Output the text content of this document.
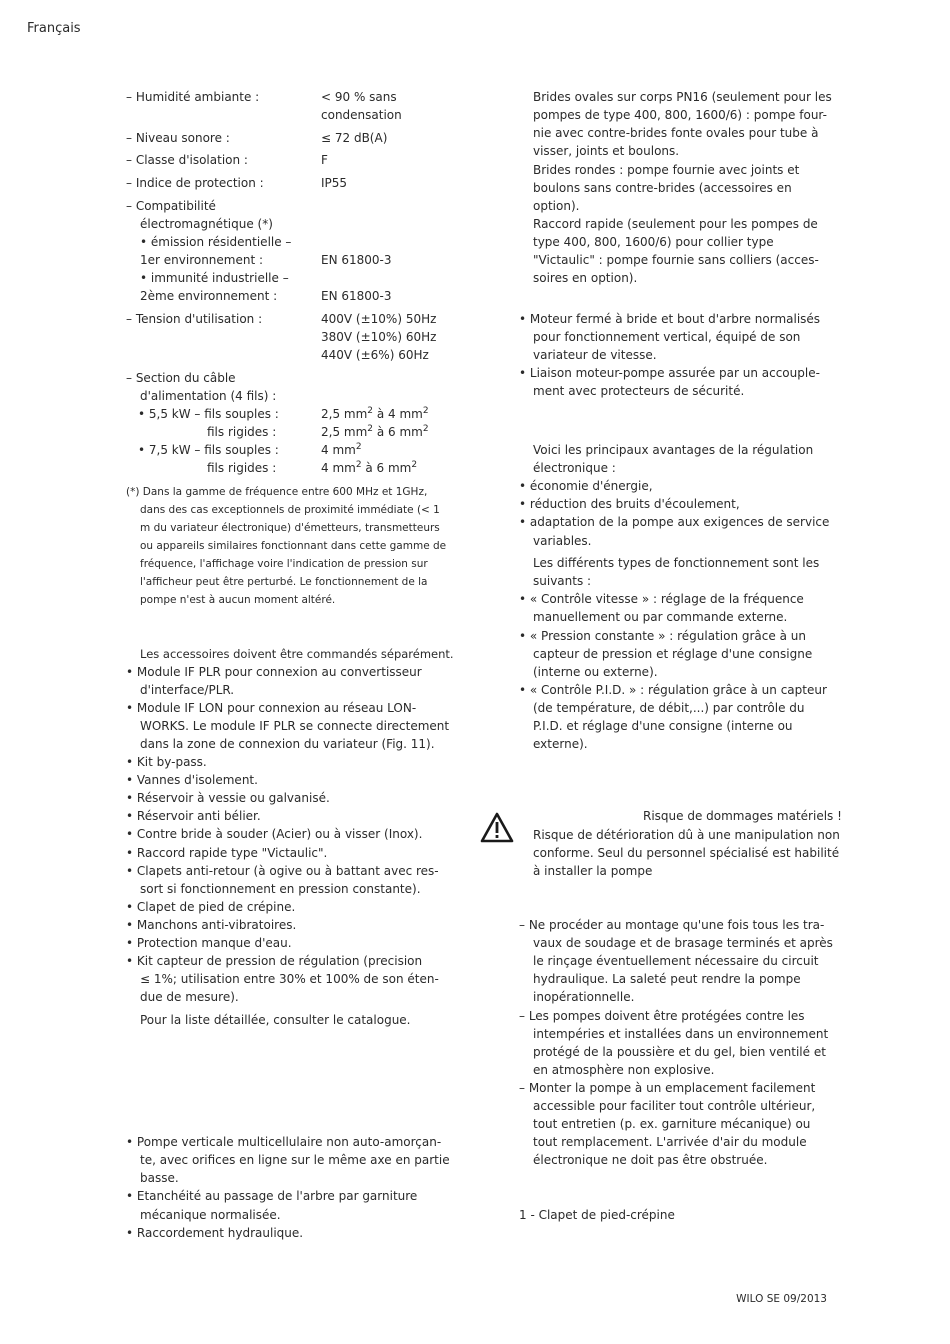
Français
– Humidité ambiante :	< 90 % sans
condensation
– Niveau sonore :	≤ 72 dB(A)
– Classe d'isolation :	F
– Indice de protection :	IP55
– Compatibilité
électromagnétique (*)
• émission résidentielle –
1er environnement :	EN 61800-3
• immunité industrielle –
2ème environnement :	EN 61800-3
– Tension d'utilisation :	400V (±10%) 50Hz
380V (±10%) 60Hz
440V (±6%) 60Hz
– Section du câble
d'alimentation (4 fils) :
• 5,5 kW – fils souples :	2,5 $mm^2$ à 4 $mm^2$
fils rigides :	2,5 $mm^2$ à 6 $mm^2$
• 7,5 kW – fils souples :	4 $mm^2$
fils rigides :	4 $mm^2$ à 6 $mm^2$
(*) Dans la gamme de fréquence entre 600 MHz et 1GHz,
dans des cas exceptionnels de proximité immédiate (< 1
m du variateur électronique) d'émetteurs, transmetteurs
ou appareils similaires fonctionnant dans cette gamme de
fréquence, l'affichage voire l'indication de pression sur
l'afficheur peut être perturbé. Le fonctionnement de la
pompe n'est à aucun moment altéré.
Les accessoires doivent être commandés séparément.
• Module IF PLR pour connexion au convertisseur
d'interface/PLR.
• Module IF LON pour connexion au réseau LON-
WORKS. Le module IF PLR se connecte directement
dans la zone de connexion du variateur (Fig. 11).
• Kit by-pass.
• Vannes d'isolement.
• Réservoir à vessie ou galvanisé.
• Réservoir anti bélier.
• Contre bride à souder (Acier) ou à visser (Inox).
• Raccord rapide type "Victaulic".
• Clapets anti-retour (à ogive ou à battant avec res-
sort si fonctionnement en pression constante).
• Clapet de pied de crépine.
• Manchons anti-vibratoires.
• Protection manque d'eau.
• Kit capteur de pression de régulation (precision
≤ 1%; utilisation entre 30% et 100% de son éten-
due de mesure).
Pour la liste détaillée, consulter le catalogue.
• Pompe verticale multicellulaire non auto-amorçan-
te, avec orifices en ligne sur le même axe en partie
basse.
• Etanchéité au passage de l'arbre par garniture
mécanique normalisée.
• Raccordement hydraulique.
Brides ovales sur corps PN16 (seulement pour les
pompes de type 400, 800, 1600/6) : pompe four-
nie avec contre-brides fonte ovales pour tube à
visser, joints et boulons.
Brides rondes : pompe fournie avec joints et
boulons sans contre-brides (accessoires en
option).
Raccord rapide (seulement pour les pompes de
type 400, 800, 1600/6) pour collier type
"Victaulic" : pompe fournie sans colliers (acces-
soires en option).
• Moteur fermé à bride et bout d'arbre normalisés
pour fonctionnement vertical, équipé de son
variateur de vitesse.
• Liaison moteur-pompe assurée par un accouple-
ment avec protecteurs de sécurité.
Voici les principaux avantages de la régulation
électronique :
• économie d'énergie,
• réduction des bruits d'écoulement,
• adaptation de la pompe aux exigences de service
variables.
Les différents types de fonctionnement sont les
suivants :
• « Contrôle vitesse » : réglage de la fréquence
manuellement ou par commande externe.
• « Pression constante » : régulation grâce à un
capteur de pression et réglage d'une consigne
(interne ou externe).
• « Contrôle P.I.D. » : régulation grâce à un capteur
(de température, de débit,...) par contrôle du
P.I.D. et réglage d'une consigne (interne ou
externe).
Risque de dommages matériels !
Risque de détérioration dû à une manipulation non
conforme. Seul du personnel spécialisé est habilité
à installer la pompe
– Ne procéder au montage qu'une fois tous les tra-
vaux de soudage et de brasage terminés et après
le rinçage éventuellement nécessaire du circuit
hydraulique. La saleté peut rendre la pompe
inopérationnelle.
– Les pompes doivent être protégées contre les
intempéries et installées dans un environnement
protégé de la poussière et du gel, bien ventilé et
en atmosphère non explosive.
– Monter la pompe à un emplacement facilement
accessible pour faciliter tout contrôle ultérieur,
tout entretien (p. ex. garniture mécanique) ou
tout remplacement. L'arrivée d'air du module
électronique ne doit pas être obstruée.
1 - Clapet de pied-crépine
WILO SE 09/2013
